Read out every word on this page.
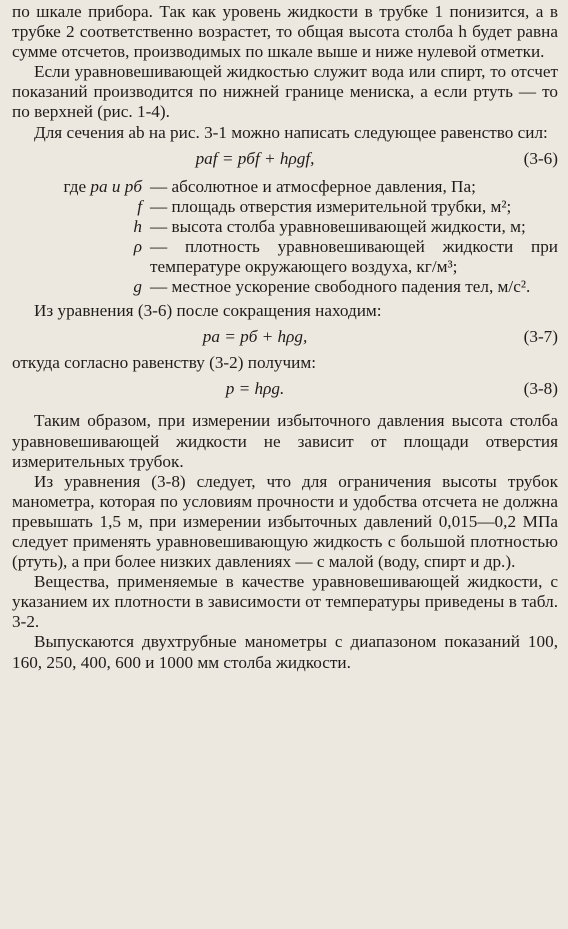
по шкале прибора. Так как уровень жидкости в трубке 1 понизится, а в трубке 2 соответственно возрастет, то общая высота столба h будет равна сумме отсчетов, производимых по шкале выше и ниже нулевой отметки.

Если уравновешивающей жидкостью служит вода или спирт, то отсчет показаний производится по нижней границе мениска, а если ртуть — то по верхней (рис. 1-4).

Для сечения ab на рис. 3-1 можно написать следующее равенство сил:

pаf = pбf + hρgf,	(3-6)
где pа и pб — абсолютное и атмосферное давления, Па;
f — площадь отверстия измерительной трубки, м²;
h — высота столба уравновешивающей жидкости, м;
ρ — плотность уравновешивающей жидкости при температуре окружающего воздуха, кг/м³;
g — местное ускорение свободного падения тел, м/с².

Из уравнения (3-6) после сокращения находим:

pа = pб + hρg,	(3-7)

откуда согласно равенству (3-2) получим:

p = hρg.	(3-8)

Таким образом, при измерении избыточного давления высота столба уравновешивающей жидкости не зависит от площади отверстия измерительных трубок.

Из уравнения (3-8) следует, что для ограничения высоты трубок манометра, которая по условиям прочности и удобства отсчета не должна превышать 1,5 м, при измерении избыточных давлений 0,015—0,2 МПа следует применять уравновешивающую жидкость с большой плотностью (ртуть), а при более низких давлениях — с малой (воду, спирт и др.).

Вещества, применяемые в качестве уравновешивающей жидкости, с указанием их плотности в зависимости от температуры приведены в табл. 3-2.

Выпускаются двухтрубные манометры с диапазоном показаний 100, 160, 250, 400, 600 и 1000 мм столба жидкости.
